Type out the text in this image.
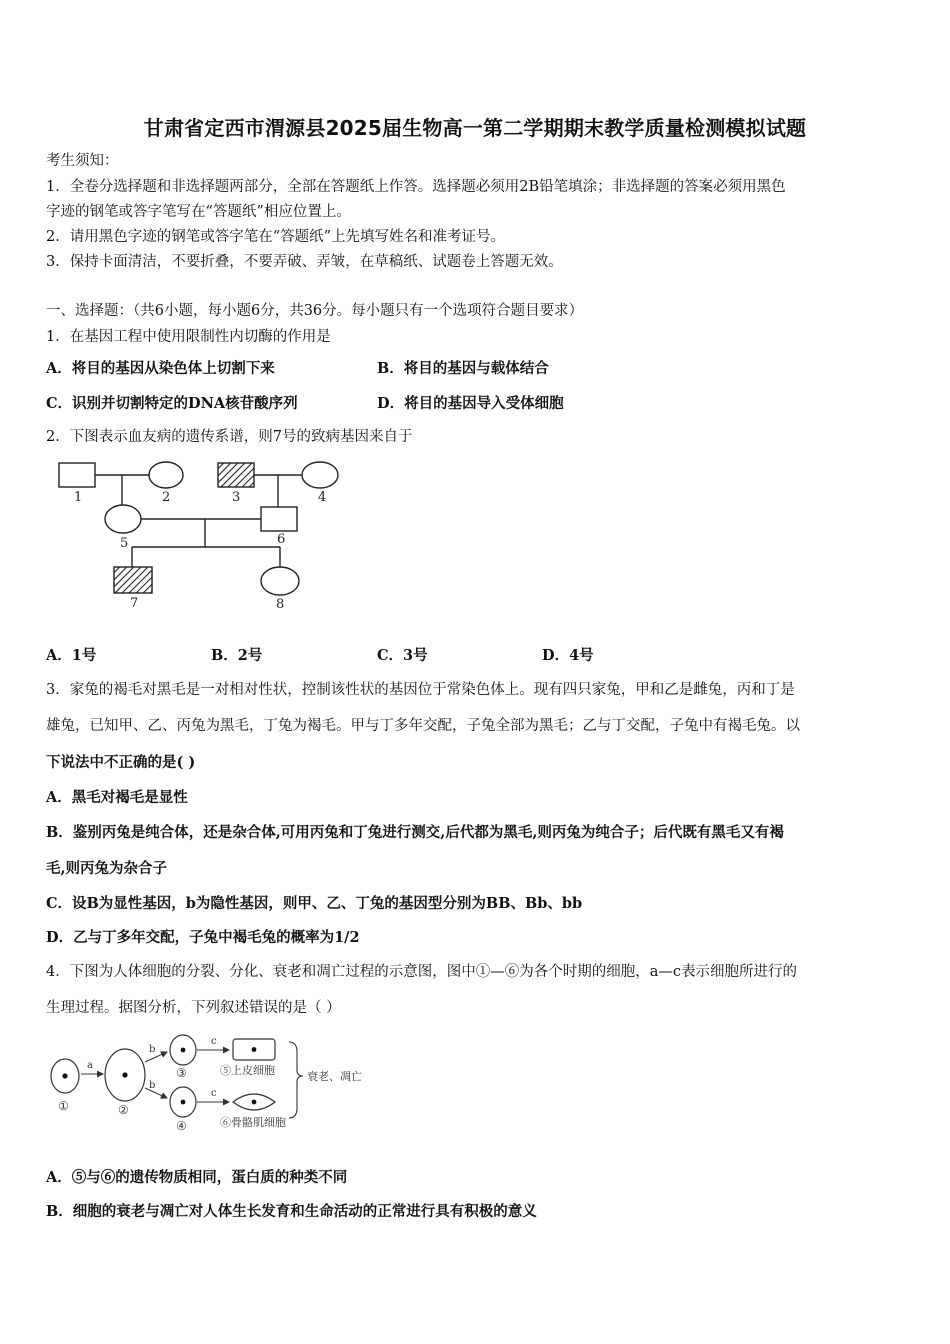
甘肃省定西市渭源县2025届生物高一第二学期期末教学质量检测模拟试题
考生须知：
1．全卷分选择题和非选择题两部分，全部在答题纸上作答。选择题必须用2B铅笔填涂；非选择题的答案必须用黑色
字迹的钢笔或答字笔写在“答题纸”相应位置上。
2．请用黑色字迹的钢笔或答字笔在“答题纸”上先填写姓名和准考证号。
3．保持卡面清洁，不要折叠，不要弄破、弄皱，在草稿纸、试题卷上答题无效。
一、选择题：（共6小题，每小题6分，共36分。每小题只有一个选项符合题目要求）
1．在基因工程中使用限制性内切酶的作用是
A．将目的基因从染色体上切割下来	B．将目的基因与载体结合
C．识别并切割特定的DNA核苷酸序列	D．将目的基因导入受体细胞
2．下图表示血友病的遗传系谱，则7号的致病基因来自于
1	2	3	4
5	6
7	8
A．1号	B．2号	C．3号	D．4号
3．家兔的褐毛对黑毛是一对相对性状，控制该性状的基因位于常染色体上。现有四只家兔，甲和乙是雌兔，丙和丁是
雄兔，已知甲、乙、丙兔为黑毛，丁兔为褐毛。甲与丁多年交配，子兔全部为黑毛；乙与丁交配，子兔中有褐毛兔。以
下说法中不正确的是( )
A．黑毛对褐毛是显性
B．鉴别丙兔是纯合体，还是杂合体,可用丙兔和丁兔进行测交,后代都为黑毛,则丙兔为纯合子；后代既有黑毛又有褐
毛,则丙兔为杂合子
C．设B为显性基因，b为隐性基因，则甲、乙、丁兔的基因型分别为BB、Bb、bb
D．乙与丁多年交配，子兔中褐毛兔的概率为1/2
4．下图为人体细胞的分裂、分化、衰老和凋亡过程的示意图，图中①—⑥为各个时期的细胞，a—c表示细胞所进行的
生理过程。据图分析，下列叙述错误的是（ ）
①
a
②
b
b
③
④
c
c
⑤上皮细胞
⑥骨骼肌细胞
衰老、凋亡
A．⑤与⑥的遗传物质相同，蛋白质的种类不同
B．细胞的衰老与凋亡对人体生长发育和生命活动的正常进行具有积极的意义
